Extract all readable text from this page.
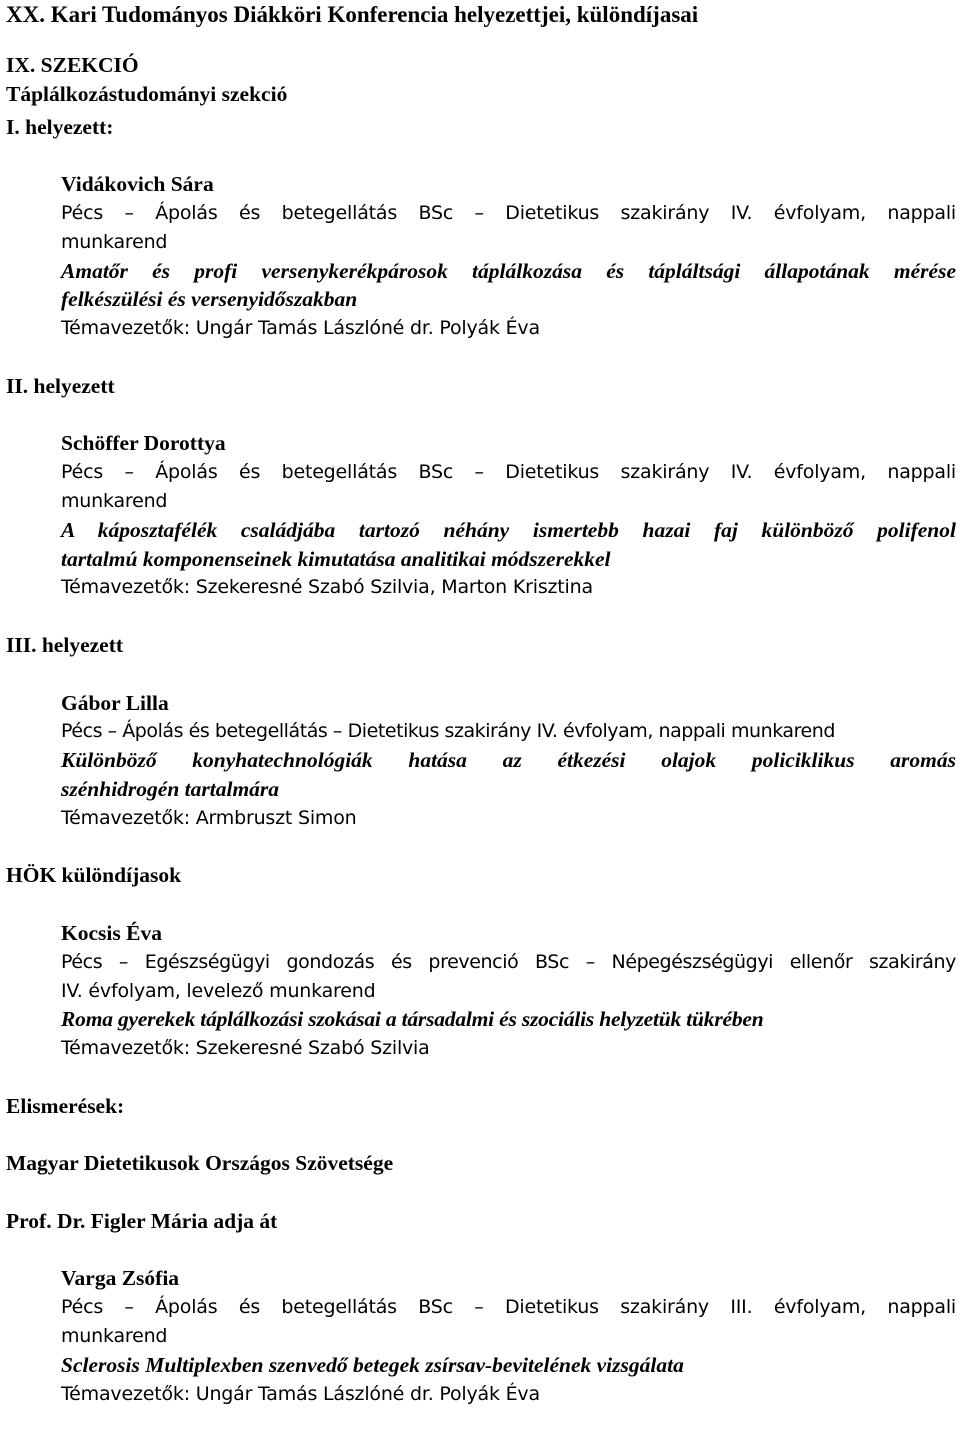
XX. Kari Tudományos Diákköri Konferencia helyezettjei, különdíjasai
IX. SZEKCIÓ
Táplálkozástudományi szekció
I. helyezett:
Vidákovich Sára
Pécs – Ápolás és betegellátás BSc – Dietetikus szakirány IV. évfolyam, nappali
munkarend
Amatőr és profi versenykerékpárosok táplálkozása és tápláltsági állapotának mérése
felkészülési és versenyidőszakban
Témavezetők: Ungár Tamás Lászlóné dr. Polyák Éva
II. helyezett
Schöffer Dorottya
Pécs – Ápolás és betegellátás BSc – Dietetikus szakirány IV. évfolyam, nappali
munkarend
A káposztafélék családjába tartozó néhány ismertebb hazai faj különböző polifenol
tartalmú komponenseinek kimutatása analitikai módszerekkel
Témavezetők: Szekeresné Szabó Szilvia, Marton Krisztina
III. helyezett
Gábor Lilla
Pécs – Ápolás és betegellátás – Dietetikus szakirány IV. évfolyam, nappali munkarend
Különböző konyhatechnológiák hatása az étkezési olajok policiklikus aromás
szénhidrogén tartalmára
Témavezetők: Armbruszt Simon
HÖK különdíjasok
Kocsis Éva
Pécs – Egészségügyi gondozás és prevenció BSc – Népegészségügyi ellenőr szakirány
IV. évfolyam, levelező munkarend
Roma gyerekek táplálkozási szokásai a társadalmi és szociális helyzetük tükrében
Témavezetők: Szekeresné Szabó Szilvia
Elismerések:
Magyar Dietetikusok Országos Szövetsége
Prof. Dr. Figler Mária adja át
Varga Zsófia
Pécs – Ápolás és betegellátás BSc – Dietetikus szakirány III. évfolyam, nappali
munkarend
Sclerosis Multiplexben szenvedő betegek zsírsav-bevitelének vizsgálata
Témavezetők: Ungár Tamás Lászlóné dr. Polyák Éva
